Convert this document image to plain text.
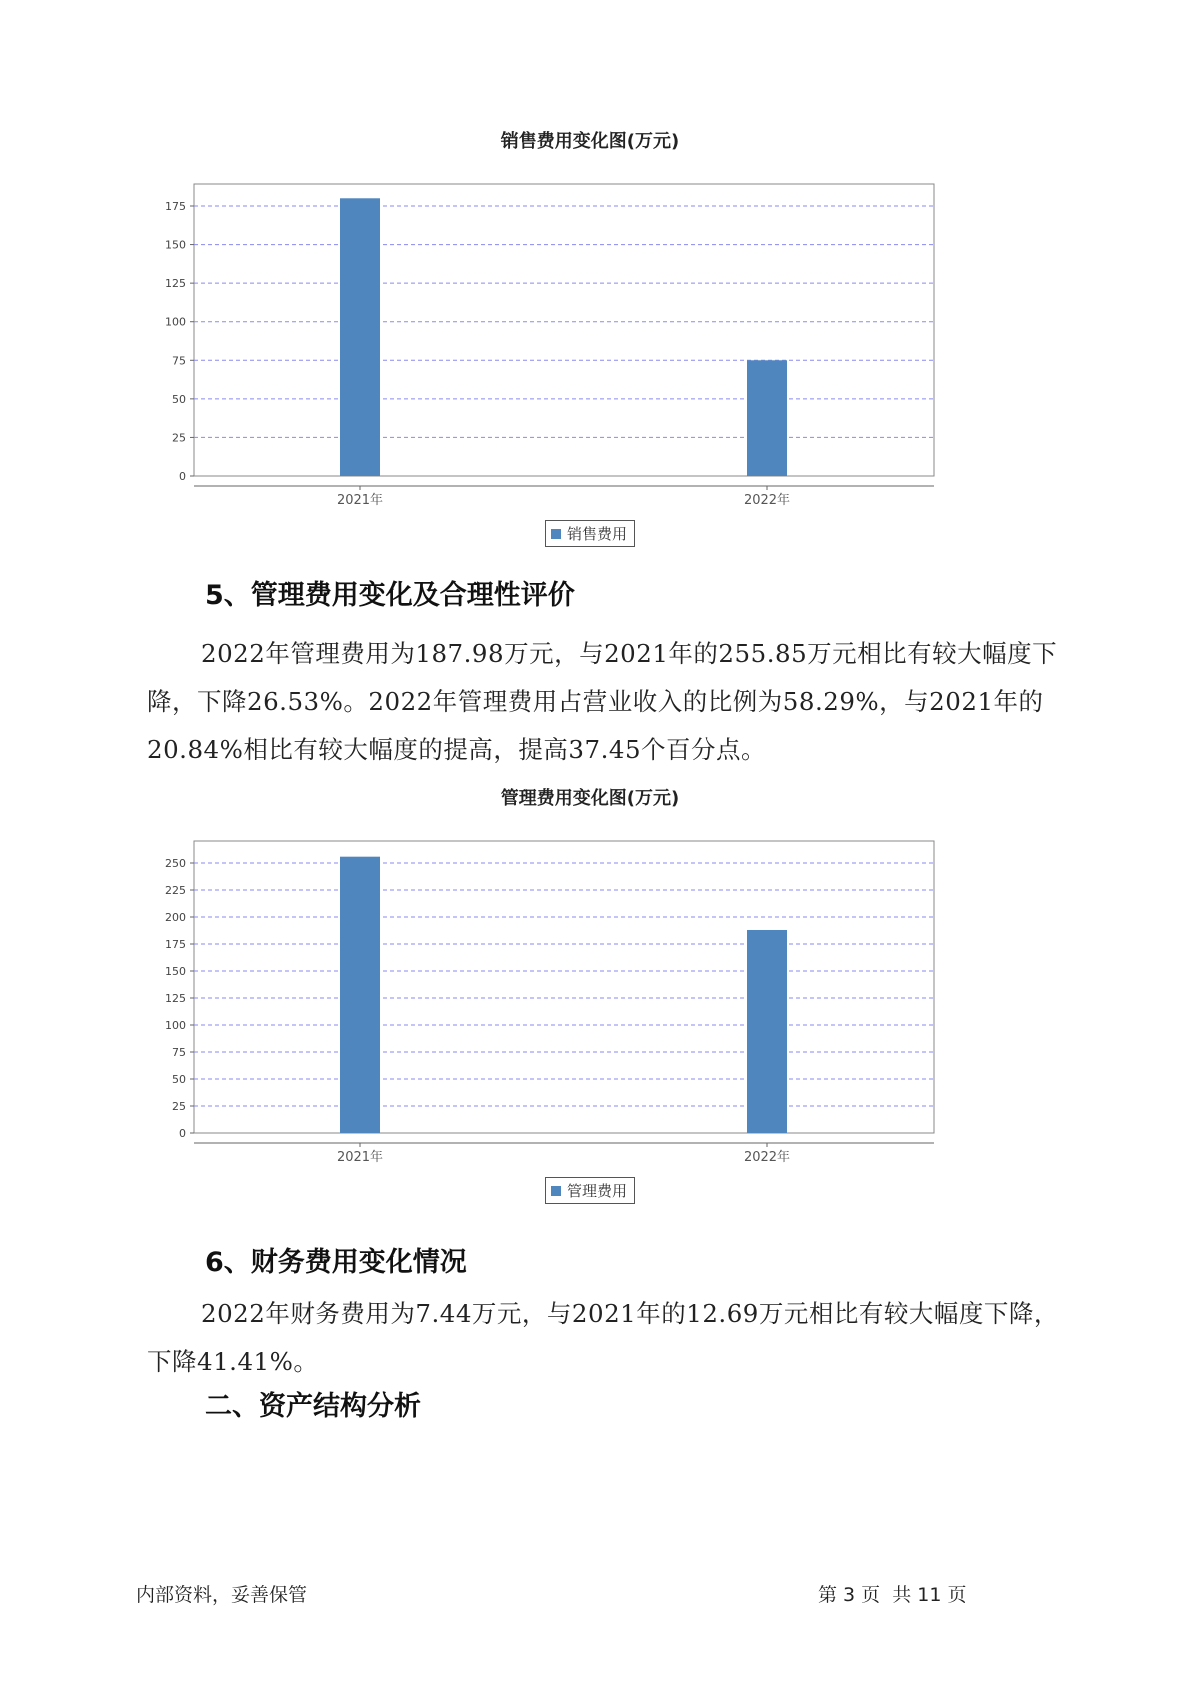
销售费用变化图(万元)
0
25
50
75
100
125
150
175
2021年	2022年
销售费用
5、管理费用变化及合理性评价
2022年管理费用为187.98万元，与2021年的255.85万元相比有较大幅度下降，下降26.53%。2022年管理费用占营业收入的比例为58.29%，与2021年的20.84%相比有较大幅度的提高，提高37.45个百分点。
管理费用变化图(万元)
0
25
50
75
100
125
150
175
200
225
250
2021年	2022年
管理费用
6、财务费用变化情况
2022年财务费用为7.44万元，与2021年的12.69万元相比有较大幅度下降，下降41.41%。
二、资产结构分析
内部资料，妥善保管	第 3 页  共 11 页
